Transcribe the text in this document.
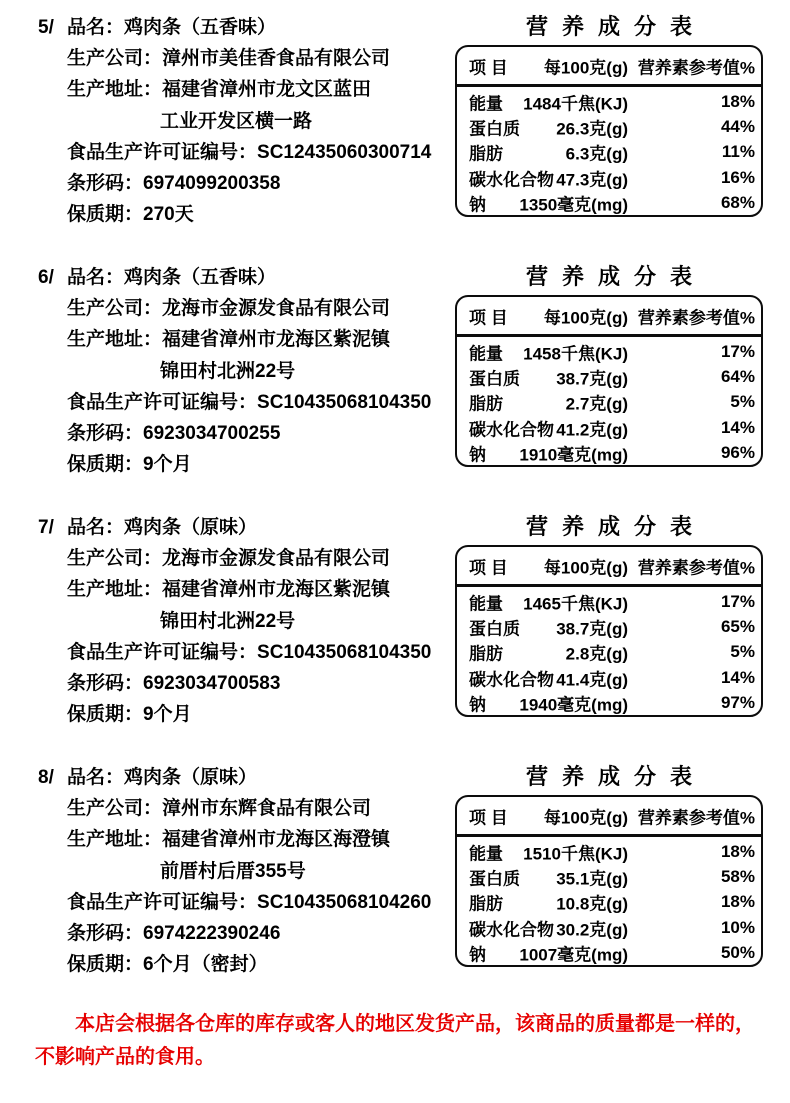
5/ 品名：鸡肉条（五香味）
生产公司： 漳州市美佳香食品有限公司
生产地址： 福建省漳州市龙文区蓝田
工业开发区横一路
食品生产许可证编号： SC12435060300714
条形码： 6974099200358
保质期： 270天
营养成分表
项 目 每100克(g) 营养素参考值%
能量 1484千焦(KJ)	18%
蛋白质 26.3克(g)	44%
脂肪	6.3克(g)	11%
碳水化合物 47.3克(g)	16%
钠 1350毫克(mg)	68%
6/ 品名：鸡肉条（五香味）
生产公司： 龙海市金源发食品有限公司
生产地址： 福建省漳州市龙海区紫泥镇
锦田村北洲22号
食品生产许可证编号： SC10435068104350
条形码： 6923034700255
保质期： 9个月
营养成分表
项 目 每100克(g) 营养素参考值%
能量 1458千焦(KJ)	17%
蛋白质 38.7克(g)	64%
脂肪	2.7克(g)	5%
碳水化合物 41.2克(g)	14%
钠 1910毫克(mg)	96%
7/ 品名：鸡肉条（原味）
生产公司： 龙海市金源发食品有限公司
生产地址： 福建省漳州市龙海区紫泥镇
锦田村北洲22号
食品生产许可证编号： SC10435068104350
条形码： 6923034700583
保质期： 9个月
营养成分表
项 目 每100克(g) 营养素参考值%
能量 1465千焦(KJ)	17%
蛋白质 38.7克(g)	65%
脂肪	2.8克(g)	5%
碳水化合物 41.4克(g)	14%
钠 1940毫克(mg)	97%
8/ 品名：鸡肉条（原味）
生产公司： 漳州市东辉食品有限公司
生产地址： 福建省漳州市龙海区海澄镇
前厝村后厝355号
食品生产许可证编号： SC10435068104260
条形码： 6974222390246
保质期： 6个月（密封）
营养成分表
项 目 每100克(g) 营养素参考值%
能量 1510千焦(KJ)	18%
蛋白质 35.1克(g)	58%
脂肪	10.8克(g)	18%
碳水化合物 30.2克(g)	10%
钠 1007毫克(mg)	50%

本店会根据各仓库的库存或客人的地区发货产品，该商品的质量都是一样的，不影响产品的食用。
